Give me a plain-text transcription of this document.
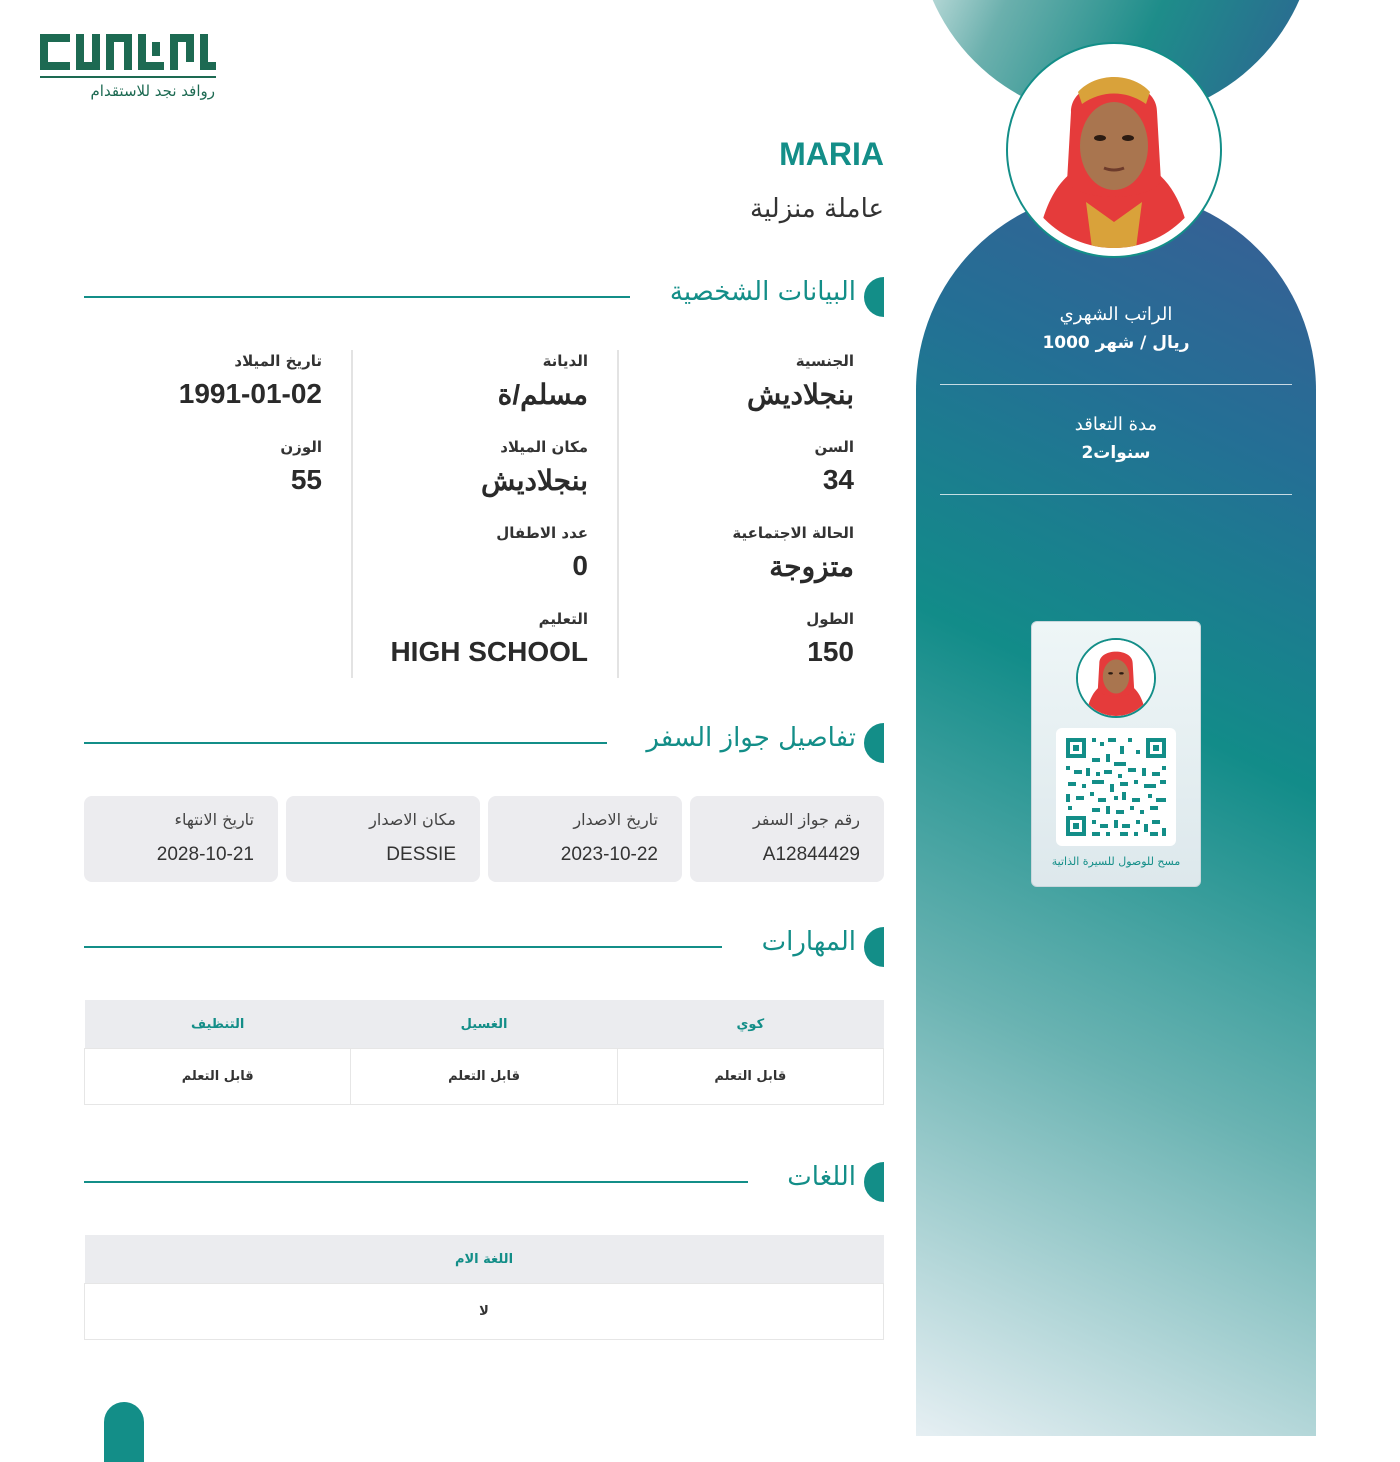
الراتب الشهري
1000 ريال / شهر
مدة التعاقد
2سنوات
مسح للوصول للسيرة الذاتية
روافد نجد للاستقدام
MARIA
عاملة منزلية
البيانات الشخصية
الجنسية
بنجلاديش
السن
34
الحالة الاجتماعية
متزوجة
الطول
150
الديانة
مسلم/ة
مكان الميلاد
بنجلاديش
عدد الاطفال
0
التعليم
HIGH SCHOOL
تاريخ الميلاد
1991-01-02
الوزن
55
تفاصيل جواز السفر
رقم جواز السفر
A12844429
تاريخ الاصدار
2023-10-22
مكان الاصدار
DESSIE
تاريخ الانتهاء
2028-10-21
المهارات
كوي	الغسيل	التنظيف
قابل التعلم	قابل التعلم	قابل التعلم
اللغات
اللغة الام
لا
